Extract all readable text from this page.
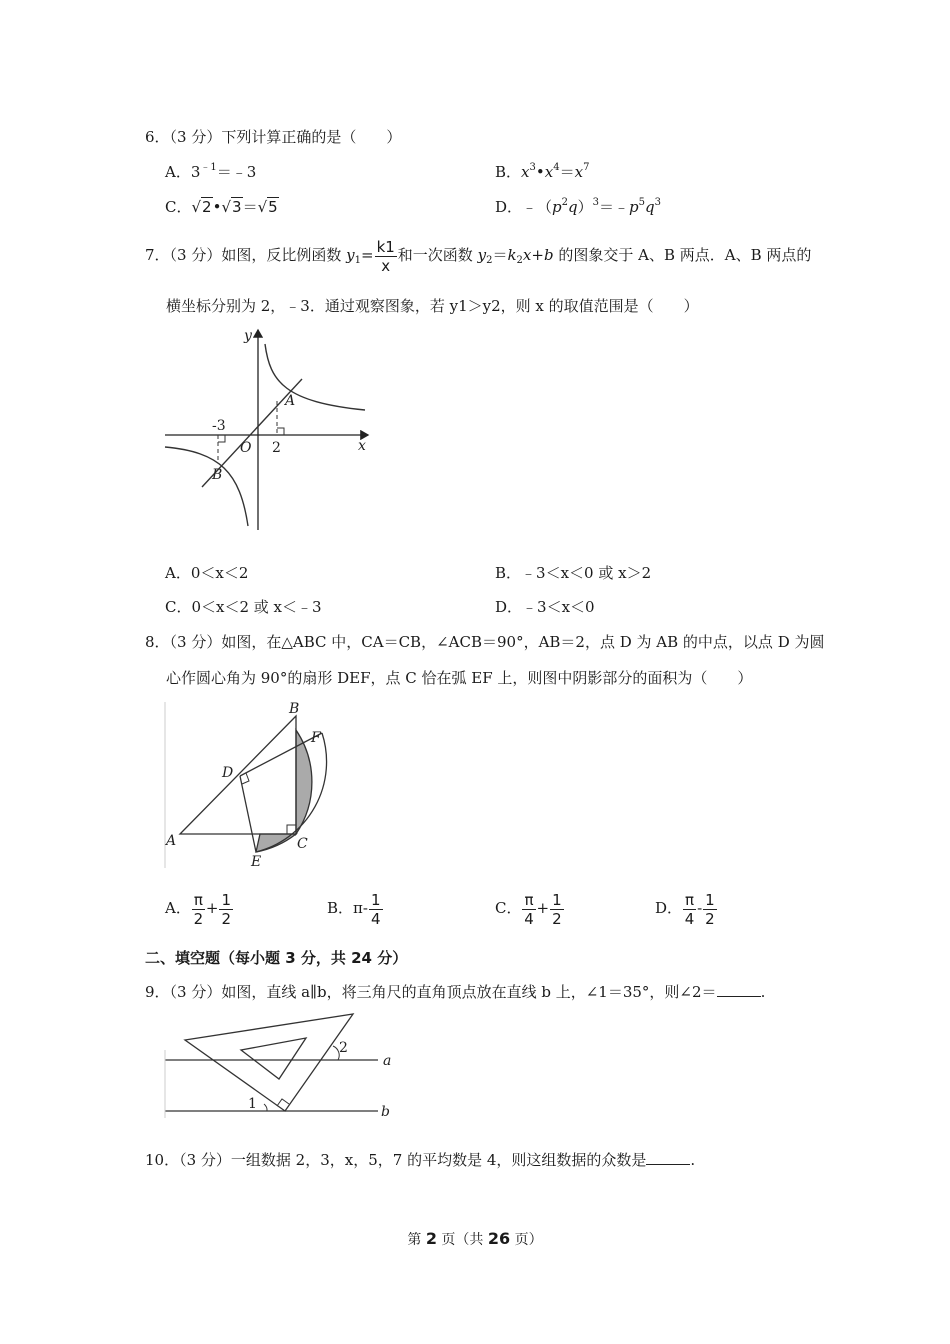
6．（3 分）下列计算正确的是（　　）
A．$3^{﹣1}=﹣3$	B．$x^3•x^4=x^7$
C．√2•√3＝√5	D．$﹣(p^2q)^3=﹣p^5q^3$
7．（3 分）如图，反比例函数 $y_1= \frac{k1}{x}$ 和一次函数 $y_2=k_2x+b$ 的图象交于 A、B 两点．A、B 两点的
横坐标分别为 2，﹣3．通过观察图象，若 y1＞y2，则 x 的取值范围是（　　）
y
x
A
B
O
-3
2
A．0＜x＜2	B．﹣3＜x＜0 或 x＞2
C．0＜x＜2 或 x＜﹣3	D．﹣3＜x＜0
8．（3 分）如图，在△ABC 中，CA＝CB，∠ACB＝90°，AB＝2，点 D 为 AB 的中点，以点 D 为圆
心作圆心角为 90°的扇形 DEF，点 C 恰在弧 EF 上，则图中阴影部分的面积为（　　）
B
F
D
A	C
E
A． $\frac{\pi}{2} + \frac{1}{2}$	B．$\pi- \frac{1}{4}$	C． $\frac{\pi}{4} + \frac{1}{2}$	D． $\frac{\pi}{4} - \frac{1}{2}$
二、填空题（每小题 3 分，共 24 分）
9．（3 分）如图，直线 a∥b，将三角尺的直角顶点放在直线 b 上，∠1＝35°，则∠2＝	.
a
b
1
2
10．（3 分）一组数据 2，3，x，5，7 的平均数是 4，则这组数据的众数是	.
第 2 页（共 26 页）
